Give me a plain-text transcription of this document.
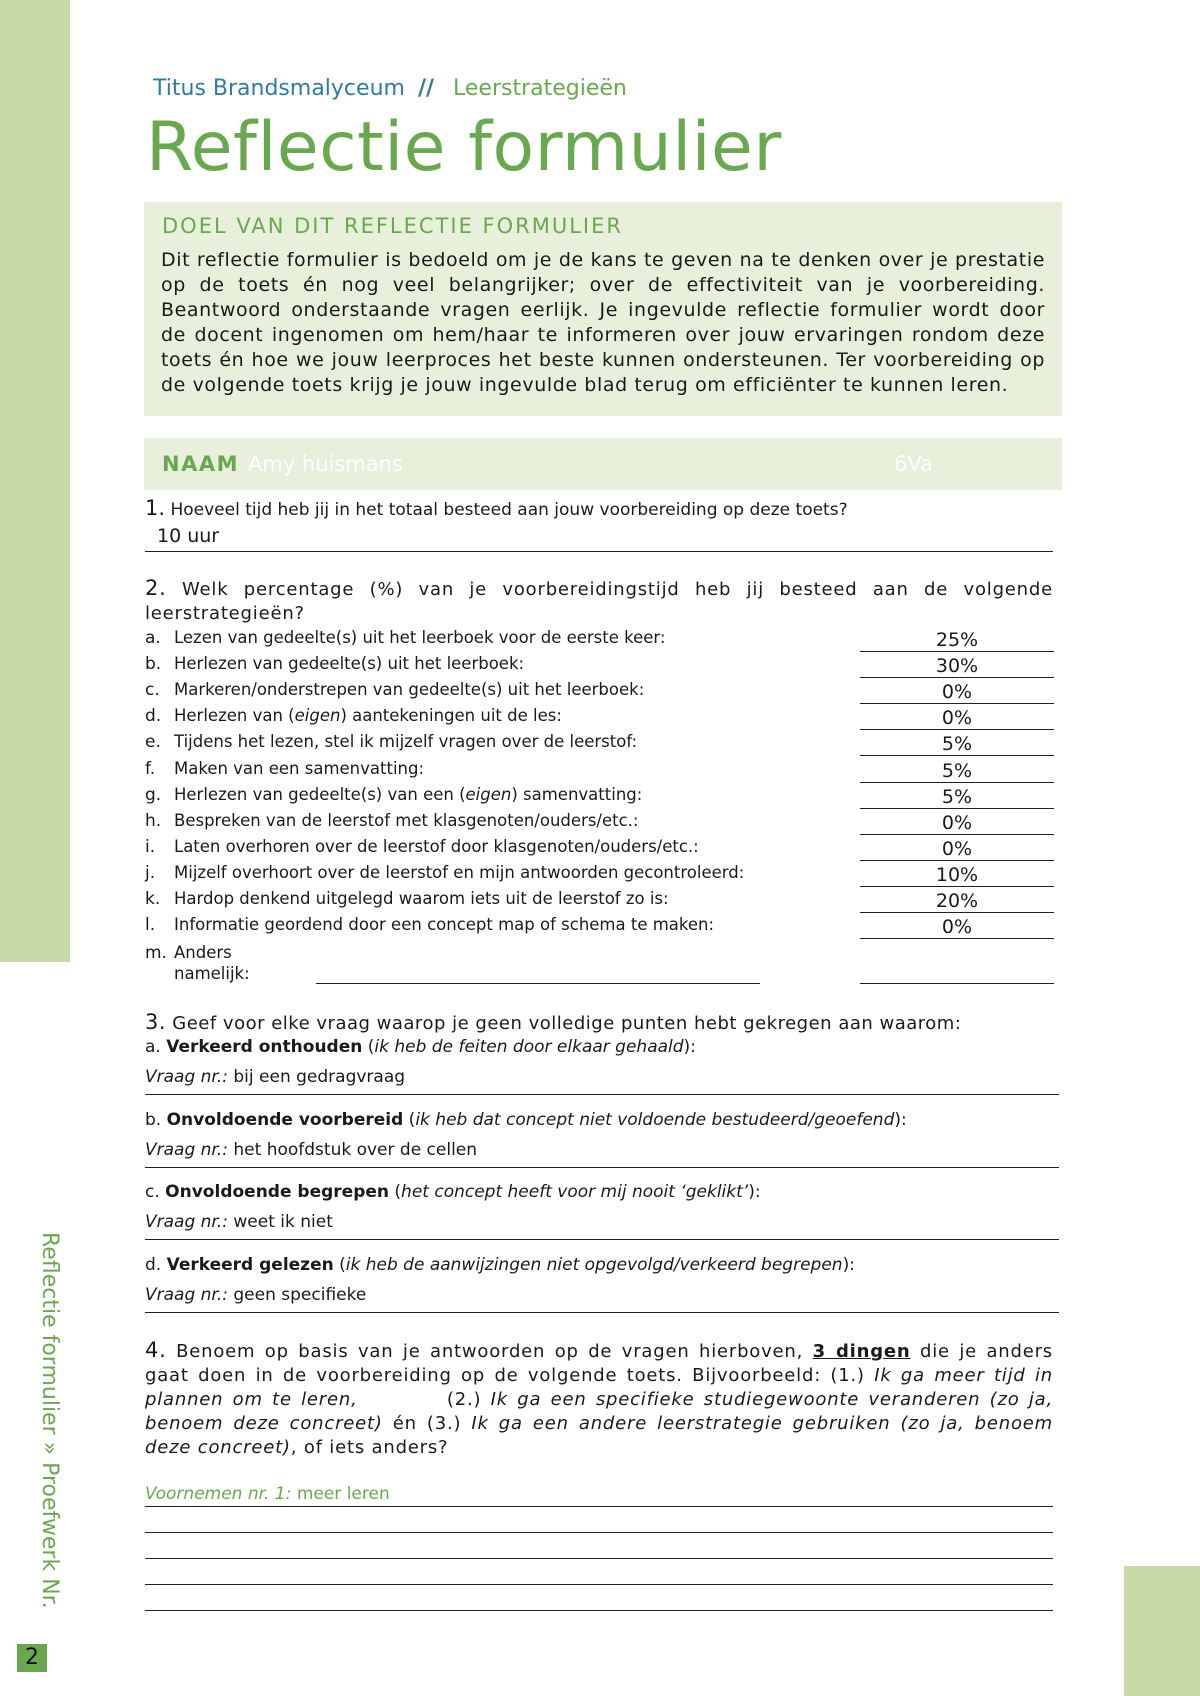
Reflectie formulier » Proefwerk Nr.
2
Titus Brandsmalyceum // Leerstrategieën
Reflectie formulier
DOEL VAN DIT REFLECTIE FORMULIER
Dit reflectie formulier is bedoeld om je de kans te geven na te denken over je prestatie op de toets én nog veel belangrijker; over de effectiviteit van je voorbereiding. Beantwoord onderstaande vragen eerlijk. Je ingevulde reflectie formulier wordt door de docent ingenomen om hem/haar te informeren over jouw ervaringen rondom deze toets én hoe we jouw leerproces het beste kunnen ondersteunen. Ter voorbereiding op de volgende toets krijg je jouw ingevulde blad terug om efficiënter te kunnen leren.
NAAM Amy huismans	6Va
1. Hoeveel tijd heb jij in het totaal besteed aan jouw voorbereiding op deze toets?
10 uur
2. Welk percentage (%) van je voorbereidingstijd heb jij besteed aan de volgende leerstrategieën?
a. Lezen van gedeelte(s) uit het leerboek voor de eerste keer:	25%
b. Herlezen van gedeelte(s) uit het leerboek:	30%
c. Markeren/onderstrepen van gedeelte(s) uit het leerboek:	0%
d. Herlezen van (eigen) aantekeningen uit de les:	0%
e. Tijdens het lezen, stel ik mijzelf vragen over de leerstof:	5%
f.	Maken van een samenvatting:	5%
g. Herlezen van gedeelte(s) van een (eigen) samenvatting:	5%
h. Bespreken van de leerstof met klasgenoten/ouders/etc.:	0%
i.	Laten overhoren over de leerstof door klasgenoten/ouders/etc.:	0%
j.	Mijzelf overhoort over de leerstof en mijn antwoorden gecontroleerd:	10%
k. Hardop denkend uitgelegd waarom iets uit de leerstof zo is:	20%
l.	Informatie geordend door een concept map of schema te maken:	0%
m. Anders
namelijk:
3. Geef voor elke vraag waarop je geen volledige punten hebt gekregen aan waarom:
a. Verkeerd onthouden (ik heb de feiten door elkaar gehaald):
Vraag nr.: bij een gedragvraag
b. Onvoldoende voorbereid (ik heb dat concept niet voldoende bestudeerd/geoefend):
Vraag nr.: het hoofdstuk over de cellen
c. Onvoldoende begrepen (het concept heeft voor mij nooit ‘geklikt’):
Vraag nr.: weet ik niet
d. Verkeerd gelezen (ik heb de aanwijzingen niet opgevolgd/verkeerd begrepen):
Vraag nr.: geen specifieke
4. Benoem op basis van je antwoorden op de vragen hierboven, 3 dingen die je anders gaat doen in de voorbereiding op de volgende toets. Bijvoorbeeld: (1.) Ik ga meer tijd in plannen om te leren,	(2.) Ik ga een specifieke studiegewoonte veranderen (zo ja, benoem deze concreet) én (3.) Ik ga een andere leerstrategie gebruiken (zo ja, benoem deze concreet), of iets anders?
Voornemen nr. 1: meer leren
